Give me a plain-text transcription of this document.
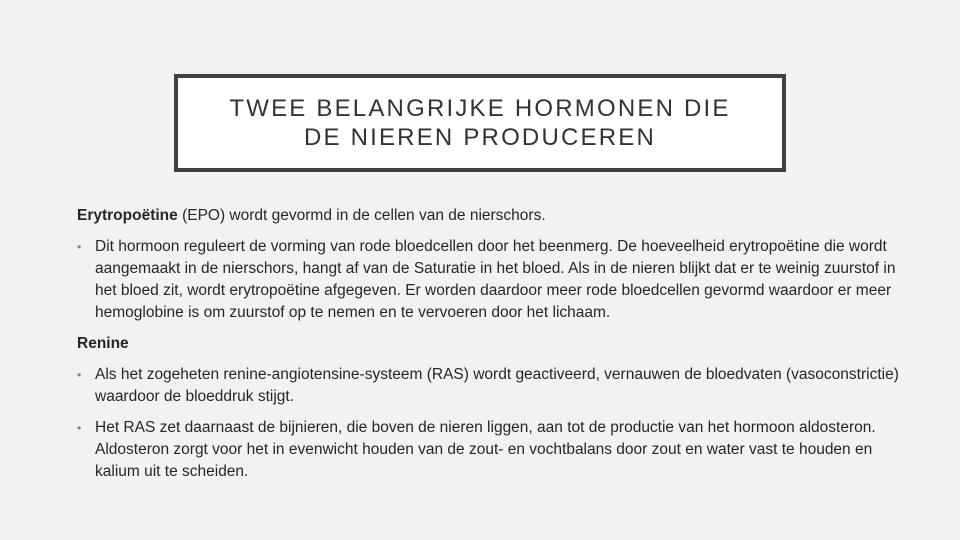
TWEE BELANGRIJKE HORMONEN DIE
DE NIEREN PRODUCEREN

Erytropoëtine (EPO) wordt gevormd in de cellen van de nierschors.

• Dit hormoon reguleert de vorming van rode bloedcellen door het beenmerg. De hoeveelheid erytropoëtine die wordt aangemaakt in de nierschors, hangt af van de Saturatie in het bloed. Als in de nieren blijkt dat er te weinig zuurstof in het bloed zit, wordt erytropoëtine afgegeven. Er worden daardoor meer rode bloedcellen gevormd waardoor er meer hemoglobine is om zuurstof op te nemen en te vervoeren door het lichaam.

Renine

• Als het zogeheten renine-angiotensine-systeem (RAS) wordt geactiveerd, vernauwen de bloedvaten (vasoconstrictie) waardoor de bloeddruk stijgt.
• Het RAS zet daarnaast de bijnieren, die boven de nieren liggen, aan tot de productie van het hormoon aldosteron. Aldosteron zorgt voor het in evenwicht houden van de zout- en vochtbalans door zout en water vast te houden en kalium uit te scheiden.
